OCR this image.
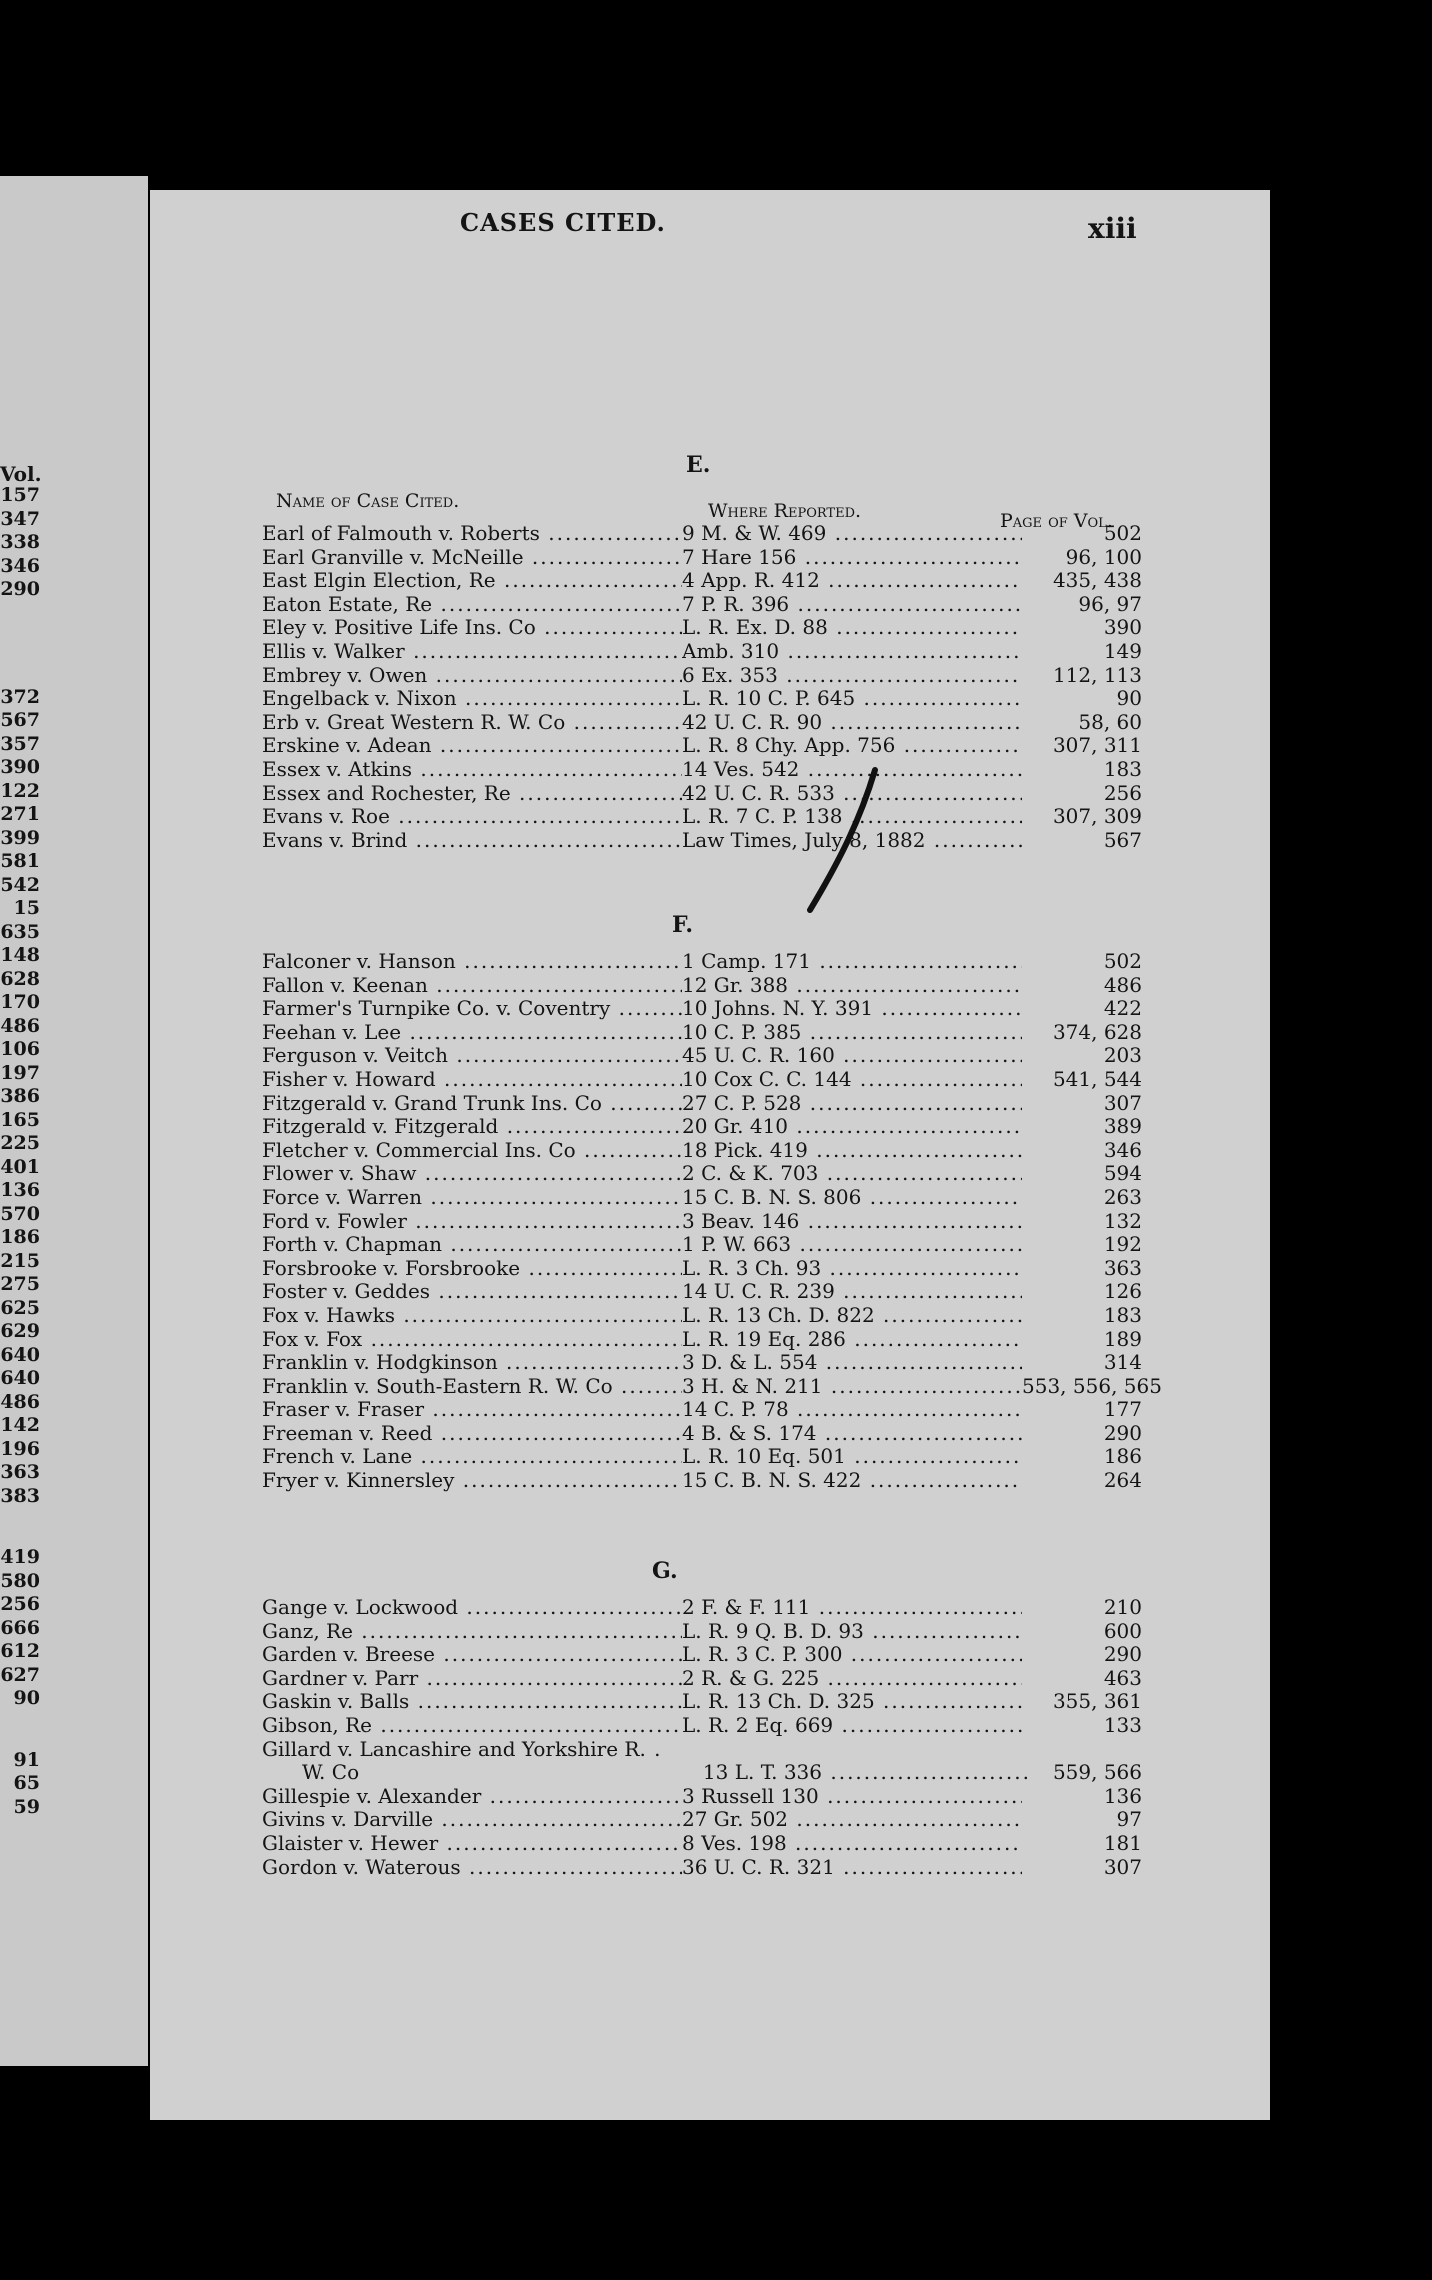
Vol.
157
347
338
346
290
372
567
357
390
122
271
399
581
542
15
635
148
628
170
486
106
197
386
165
225
401
136
570
186
215
275
625
629
640
640
486
142
196
363
383
419
580
256
666
612
627
90
91
65
59
CASES CITED.	xiii
Name of Case Cited.	Where Reported.	Page of Vol.
E.
Earl of Falmouth v. Roberts .....	9 M. & W. 469 .....	502
Earl Granville v. McNeille .....	7 Hare 156 .....	96, 100
East Elgin Election, Re .....	4 App. R. 412 .....	435, 438
Eaton Estate, Re .....	7 P. R. 396 .....	96, 97
Eley v. Positive Life Ins. Co .....	L. R. Ex. D. 88 .....	390
Ellis v. Walker .....	Amb. 310 .....	149
Embrey v. Owen .....	6 Ex. 353 .....	112, 113
Engelback v. Nixon .....	L. R. 10 C. P. 645 .....	90
Erb v. Great Western R. W. Co .....	42 U. C. R. 90 .....	58, 60
Erskine v. Adean .....	L. R. 8 Chy. App. 756 .....	307, 311
Essex v. Atkins .....	14 Ves. 542 .....	183
Essex and Rochester, Re .....	42 U. C. R. 533 .....	256
Evans v. Roe .....	L. R. 7 C. P. 138 .....	307, 309
Evans v. Brind .....	Law Times, July 8, 1882 .....	567
F.
Falconer v. Hanson .....	1 Camp. 171 .....	502
Fallon v. Keenan .....	12 Gr. 388 .....	486
Farmer's Turnpike Co. v. Coventry .....	10 Johns. N. Y. 391 .....	422
Feehan v. Lee .....	10 C. P. 385 .....	374, 628
Ferguson v. Veitch .....	45 U. C. R. 160 .....	203
Fisher v. Howard .....	10 Cox C. C. 144 .....	541, 544
Fitzgerald v. Grand Trunk Ins. Co .....	27 C. P. 528 .....	307
Fitzgerald v. Fitzgerald .....	20 Gr. 410 .....	389
Fletcher v. Commercial Ins. Co .....	18 Pick. 419 .....	346
Flower v. Shaw .....	2 C. & K. 703 .....	594
Force v. Warren .....	15 C. B. N. S. 806 .....	263
Ford v. Fowler .....	3 Beav. 146 .....	132
Forth v. Chapman .....	1 P. W. 663 .....	192
Forsbrooke v. Forsbrooke .....	L. R. 3 Ch. 93 .....	363
Foster v. Geddes .....	14 U. C. R. 239 .....	126
Fox v. Hawks .....	L. R. 13 Ch. D. 822 .....	183
Fox v. Fox .....	L. R. 19 Eq. 286 .....	189
Franklin v. Hodgkinson .....	3 D. & L. 554 .....	314
Franklin v. South-Eastern R. W. Co .....	3 H. & N. 211 .....	553, 556, 565
Fraser v. Fraser .....	14 C. P. 78 .....	177
Freeman v. Reed .....	4 B. & S. 174 .....	290
French v. Lane .....	L. R. 10 Eq. 501 .....	186
Fryer v. Kinnersley .....	15 C. B. N. S. 422 .....	264
G.
Gange v. Lockwood .....	2 F. & F. 111 .....	210
Ganz, Re .....	L. R. 9 Q. B. D. 93 .....	600
Garden v. Breese .....	L. R. 3 C. P. 300 .....	290
Gardner v. Parr .....	2 R. & G. 225 .....	463
Gaskin v. Balls .....	L. R. 13 Ch. D. 325 .....	355, 361
Gibson, Re .....	L. R. 2 Eq. 669 .....	133
Gillard v. Lancashire and Yorkshire R. .....
W. Co	13 L. T. 336 .....	559, 566
Gillespie v. Alexander .....	3 Russell 130 .....	136
Givins v. Darville .....	27 Gr. 502 .....	97
Glaister v. Hewer .....	8 Ves. 198 .....	181
Gordon v. Waterous .....	36 U. C. R. 321 .....	307
